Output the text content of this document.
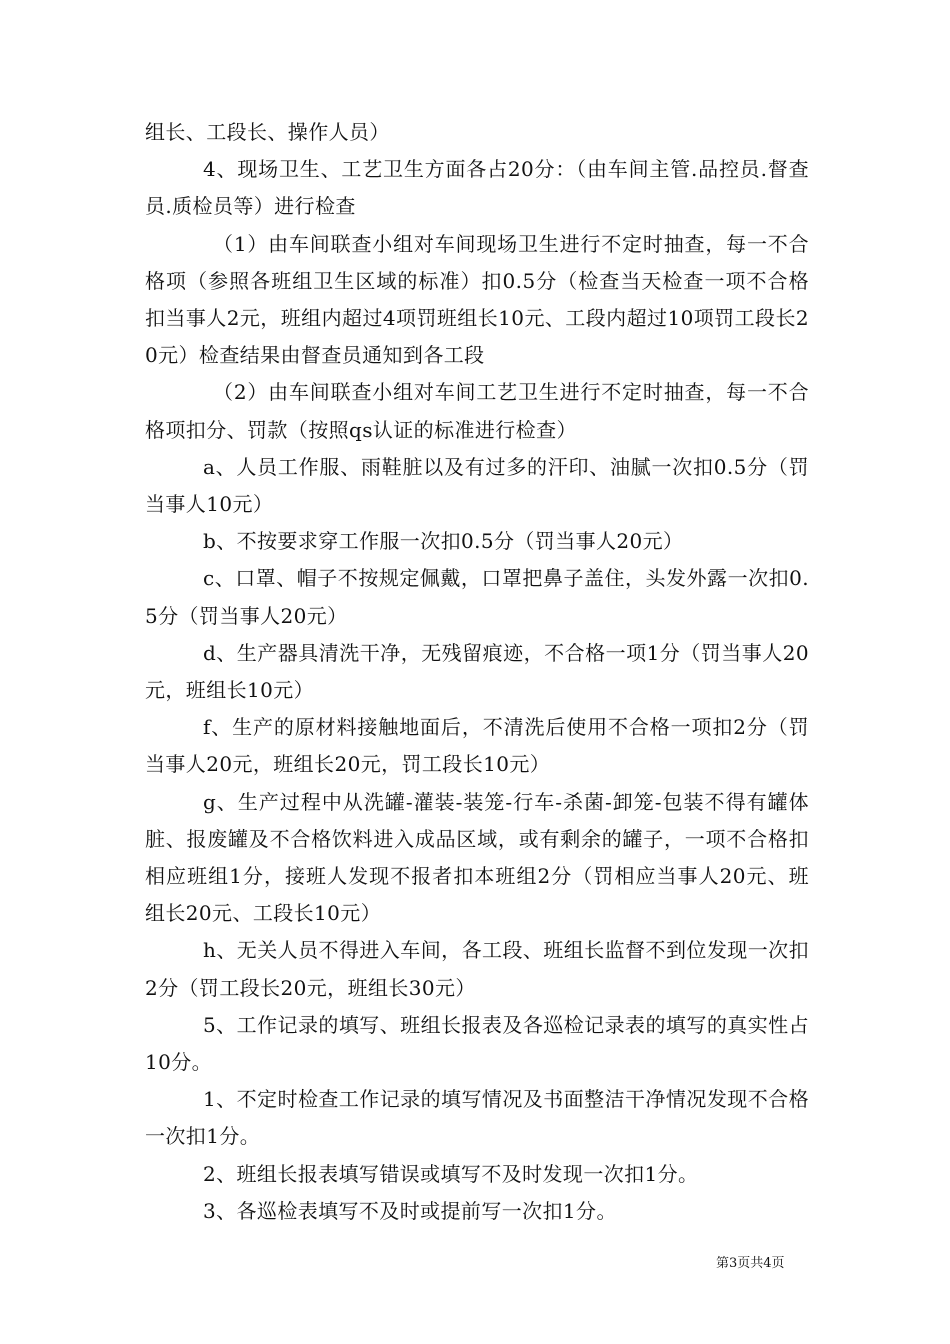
组长、工段长、操作人员）

4、现场卫生、工艺卫生方面各占20分：（由车间主管.品控员.督查员.质检员等）进行检查

（1）由车间联查小组对车间现场卫生进行不定时抽查，每一不合格项（参照各班组卫生区域的标准）扣0.5分（检查当天检查一项不合格扣当事人2元，班组内超过4项罚班组长10元、工段内超过10项罚工段长20元）检查结果由督查员通知到各工段

（2）由车间联查小组对车间工艺卫生进行不定时抽查，每一不合格项扣分、罚款（按照qs认证的标准进行检查）

a、人员工作服、雨鞋脏以及有过多的汗印、油腻一次扣0.5分（罚当事人10元）

b、不按要求穿工作服一次扣0.5分（罚当事人20元）

c、口罩、帽子不按规定佩戴，口罩把鼻子盖住，头发外露一次扣0.5分（罚当事人20元）

d、生产器具清洗干净，无残留痕迹，不合格一项1分（罚当事人20元，班组长10元）

f、生产的原材料接触地面后，不清洗后使用不合格一项扣2分（罚当事人20元，班组长20元，罚工段长10元）

g、生产过程中从洗罐-灌装-装笼-行车-杀菌-卸笼-包装不得有罐体脏、报废罐及不合格饮料进入成品区域，或有剩余的罐子，一项不合格扣相应班组1分，接班人发现不报者扣本班组2分（罚相应当事人20元、班组长20元、工段长10元）

h、无关人员不得进入车间，各工段、班组长监督不到位发现一次扣2分（罚工段长20元，班组长30元）

5、工作记录的填写、班组长报表及各巡检记录表的填写的真实性占10分。

1、不定时检查工作记录的填写情况及书面整洁干净情况发现不合格一次扣1分。

2、班组长报表填写错误或填写不及时发现一次扣1分。

3、各巡检表填写不及时或提前写一次扣1分。

第3页共4页
